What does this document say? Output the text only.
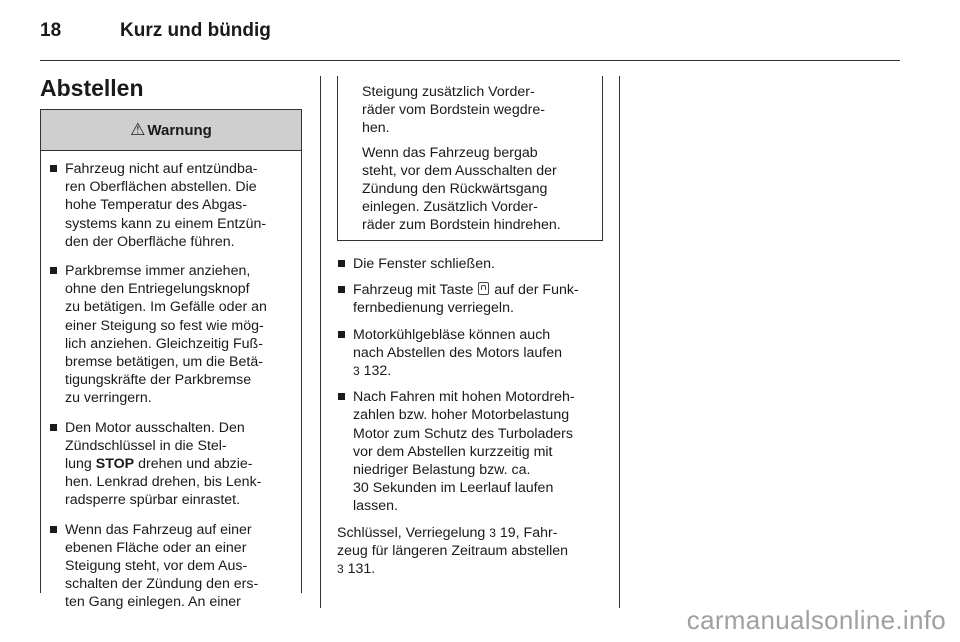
18	Kurz und bündig
Abstellen
⚠ Warnung
Fahrzeug nicht auf entzündba-
ren Oberflächen abstellen. Die
hohe Temperatur des Abgas-
systems kann zu einem Entzün-
den der Oberfläche führen.
Parkbremse immer anziehen,
ohne den Entriegelungsknopf
zu betätigen. Im Gefälle oder an
einer Steigung so fest wie mög-
lich anziehen. Gleichzeitig Fuß-
bremse betätigen, um die Betä-
tigungskräfte der Parkbremse
zu verringern.
Den Motor ausschalten. Den
Zündschlüssel in die Stel-
lung STOP drehen und abzie-
hen. Lenkrad drehen, bis Lenk-
radsperre spürbar einrastet.
Wenn das Fahrzeug auf einer
ebenen Fläche oder an einer
Steigung steht, vor dem Aus-
schalten der Zündung den ers-
ten Gang einlegen. An einer

Steigung zusätzlich Vorder-
räder vom Bordstein wegdre-
hen.

Wenn das Fahrzeug bergab
steht, vor dem Ausschalten der
Zündung den Rückwärtsgang
einlegen. Zusätzlich Vorder-
räder zum Bordstein hindrehen.

Die Fenster schließen.
Fahrzeug mit Taste auf der Funk-
fernbedienung verriegeln.
Motorkühlgebläse können auch
nach Abstellen des Motors laufen
3 132.
Nach Fahren mit hohen Motordreh-
zahlen bzw. hoher Motorbelastung
Motor zum Schutz des Turboladers
vor dem Abstellen kurzzeitig mit
niedriger Belastung bzw. ca.
30 Sekunden im Leerlauf laufen
lassen.

Schlüssel, Verriegelung 3 19, Fahr-
zeug für längeren Zeitraum abstellen
3 131.

carmanualsonline.info
